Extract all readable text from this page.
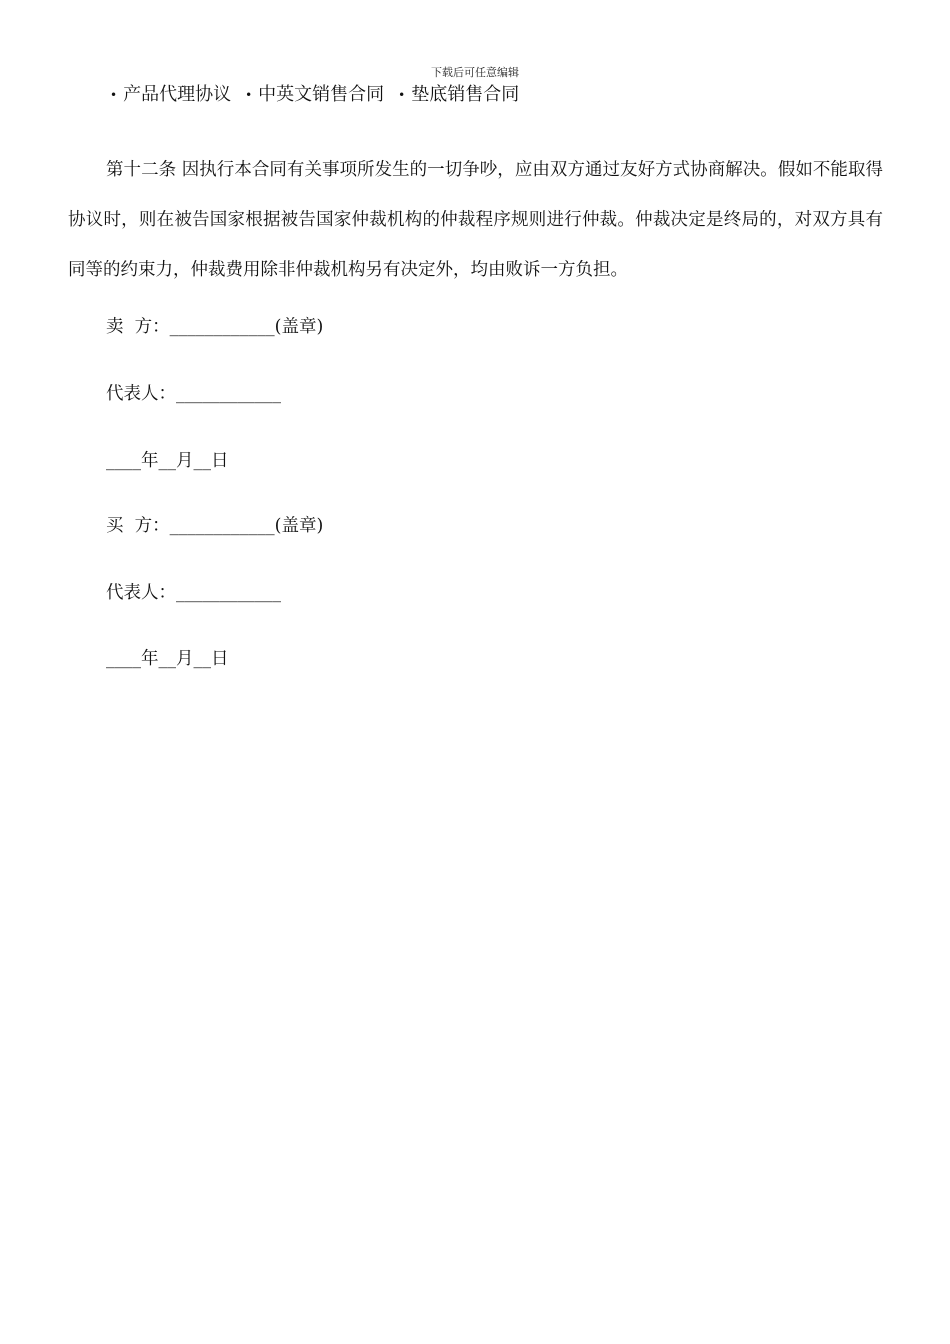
下载后可任意编辑
• 产品代理协议 • 中英文销售合同 • 垫底销售合同

第十二条 因执行本合同有关事项所发生的一切争吵，应由双方通过友好方式协商解决。假如不能取得协议时，则在被告国家根据被告国家仲裁机构的仲裁程序规则进行仲裁。仲裁决定是终局的，对双方具有同等的约束力，仲裁费用除非仲裁机构另有决定外，均由败诉一方负担。

卖  方：____________(盖章)

代表人：____________

____年__月__日

买  方：____________(盖章)

代表人：____________

____年__月__日
